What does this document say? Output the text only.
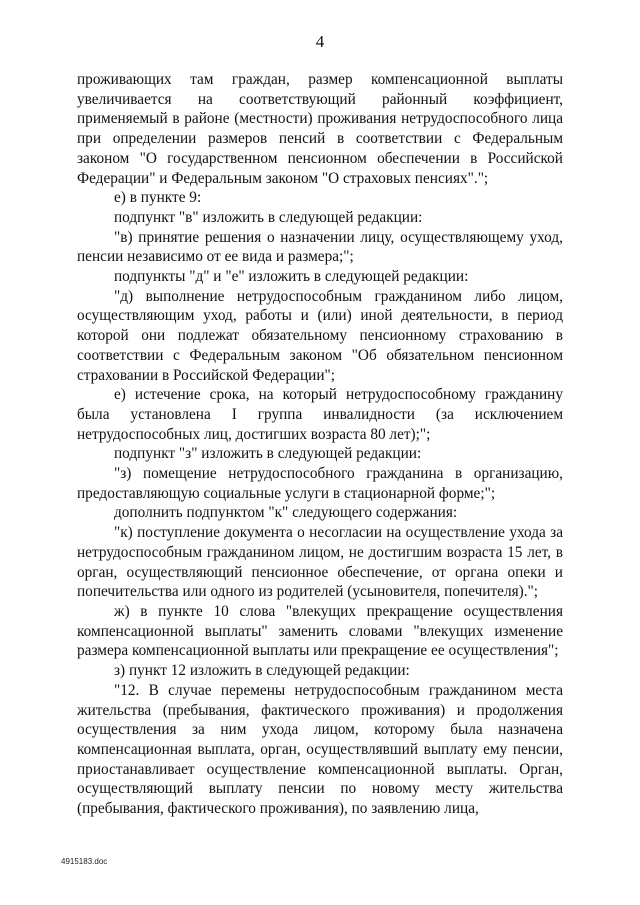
4

проживающих там граждан, размер компенсационной выплаты увеличивается на соответствующий районный коэффициент, применяемый в районе (местности) проживания нетрудоспособного лица при определении размеров пенсий в соответствии с Федеральным законом "О государственном пенсионном обеспечении в Российской Федерации" и Федеральным законом "О страховых пенсиях".";

е) в пункте 9:

подпункт "в" изложить в следующей редакции:

"в) принятие решения о назначении лицу, осуществляющему уход, пенсии независимо от ее вида и размера;";

подпункты "д" и "е" изложить в следующей редакции:

"д) выполнение нетрудоспособным гражданином либо лицом, осуществляющим уход, работы и (или) иной деятельности, в период которой они подлежат обязательному пенсионному страхованию в соответствии с Федеральным законом "Об обязательном пенсионном страховании в Российской Федерации";

е) истечение срока, на который нетрудоспособному гражданину была установлена I группа инвалидности (за исключением нетрудоспособных лиц, достигших возраста 80 лет);";

подпункт "з" изложить в следующей редакции:

"з) помещение нетрудоспособного гражданина в организацию, предоставляющую социальные услуги в стационарной форме;";

дополнить подпунктом "к" следующего содержания:

"к) поступление документа о несогласии на осуществление ухода за нетрудоспособным гражданином лицом, не достигшим возраста 15 лет, в орган, осуществляющий пенсионное обеспечение, от органа опеки и попечительства или одного из родителей (усыновителя, попечителя).";

ж) в пункте 10 слова "влекущих прекращение осуществления компенсационной выплаты" заменить словами "влекущих изменение размера компенсационной выплаты или прекращение ее осуществления";

з) пункт 12 изложить в следующей редакции:

"12. В случае перемены нетрудоспособным гражданином места жительства (пребывания, фактического проживания) и продолжения осуществления за ним ухода лицом, которому была назначена компенсационная выплата, орган, осуществлявший выплату ему пенсии, приостанавливает осуществление компенсационной выплаты. Орган, осуществляющий выплату пенсии по новому месту жительства (пребывания, фактического проживания), по заявлению лица,

4915183.doc
